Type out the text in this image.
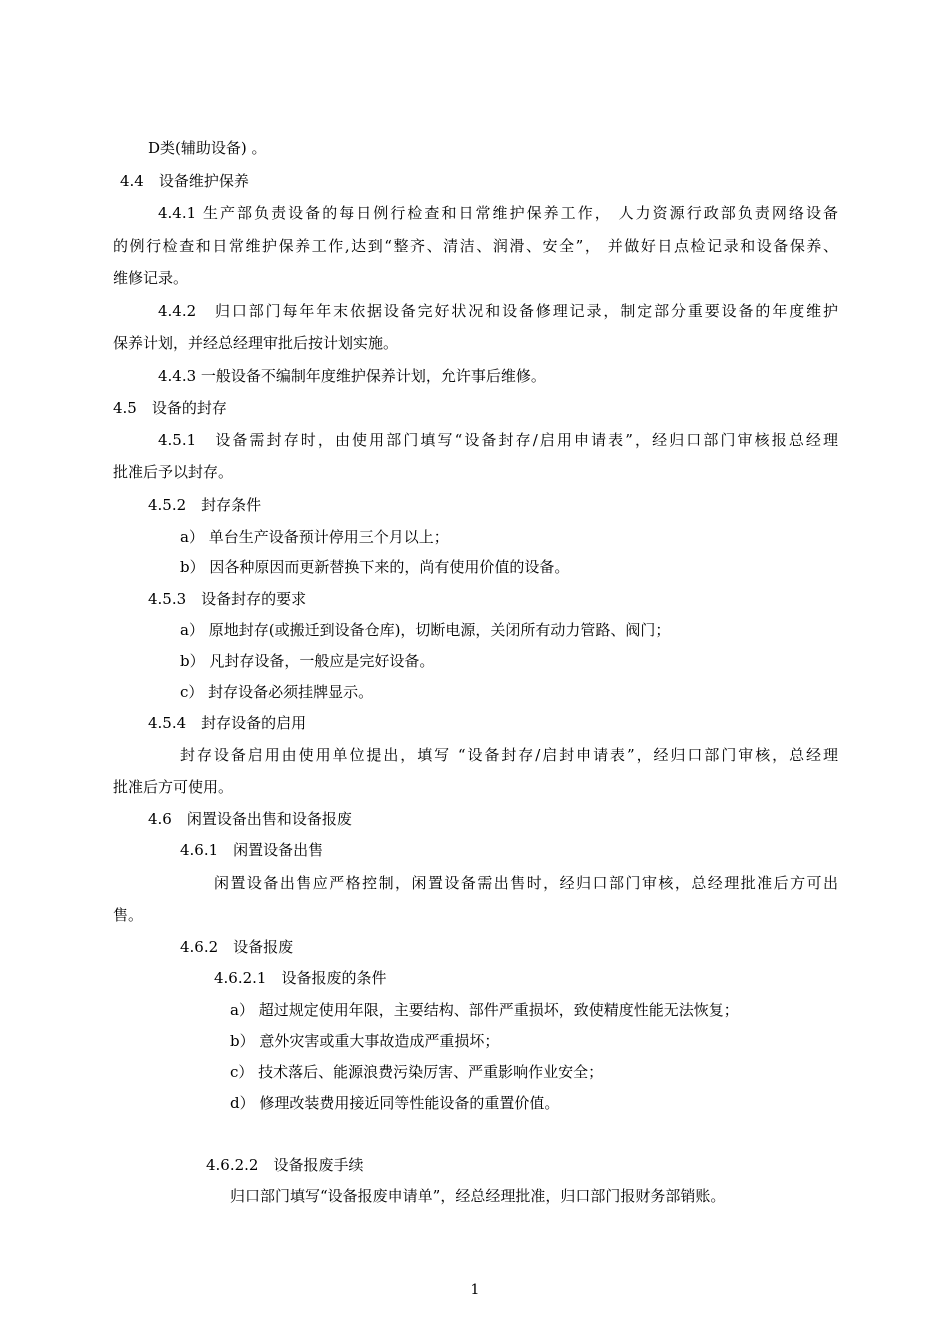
D类(辅助设备) 。
4.4　设备维护保养
4.4.1 生产部负责设备的每日例行检查和日常维护保养工作， 人力资源行政部负责网络设备
的例行检查和日常维护保养工作,达到“整齐、清洁、润滑、安全”， 并做好日点检记录和设备保养、
维修记录。
4.4.2　归口部门每年年末依据设备完好状况和设备修理记录，制定部分重要设备的年度维护
保养计划，并经总经理审批后按计划实施。
4.4.3 一般设备不编制年度维护保养计划，允许事后维修。
4.5　设备的封存
4.5.1　设备需封存时，由使用部门填写“设备封存/启用申请表”，经归口部门审核报总经理
批准后予以封存。
4.5.2　封存条件
a） 单台生产设备预计停用三个月以上；
b） 因各种原因而更新替换下来的，尚有使用价值的设备。
4.5.3　设备封存的要求
a） 原地封存(或搬迁到设备仓库)，切断电源，关闭所有动力管路、阀门；
b） 凡封存设备，一般应是完好设备。
c） 封存设备必须挂牌显示。
4.5.4　封存设备的启用
封存设备启用由使用单位提出，填写 “设备封存/启封申请表”，经归口部门审核，总经理
批准后方可使用。
4.6　闲置设备出售和设备报废
4.6.1　闲置设备出售
闲置设备出售应严格控制，闲置设备需出售时，经归口部门审核，总经理批准后方可出
售。
4.6.2　设备报废
4.6.2.1　设备报废的条件
a） 超过规定使用年限，主要结构、部件严重损坏，致使精度性能无法恢复；
b） 意外灾害或重大事故造成严重损坏；
c） 技术落后、能源浪费污染厉害、严重影响作业安全；
d） 修理改装费用接近同等性能设备的重置价值。
4.6.2.2　设备报废手续
归口部门填写“设备报废申请单”，经总经理批准，归口部门报财务部销账。
1
